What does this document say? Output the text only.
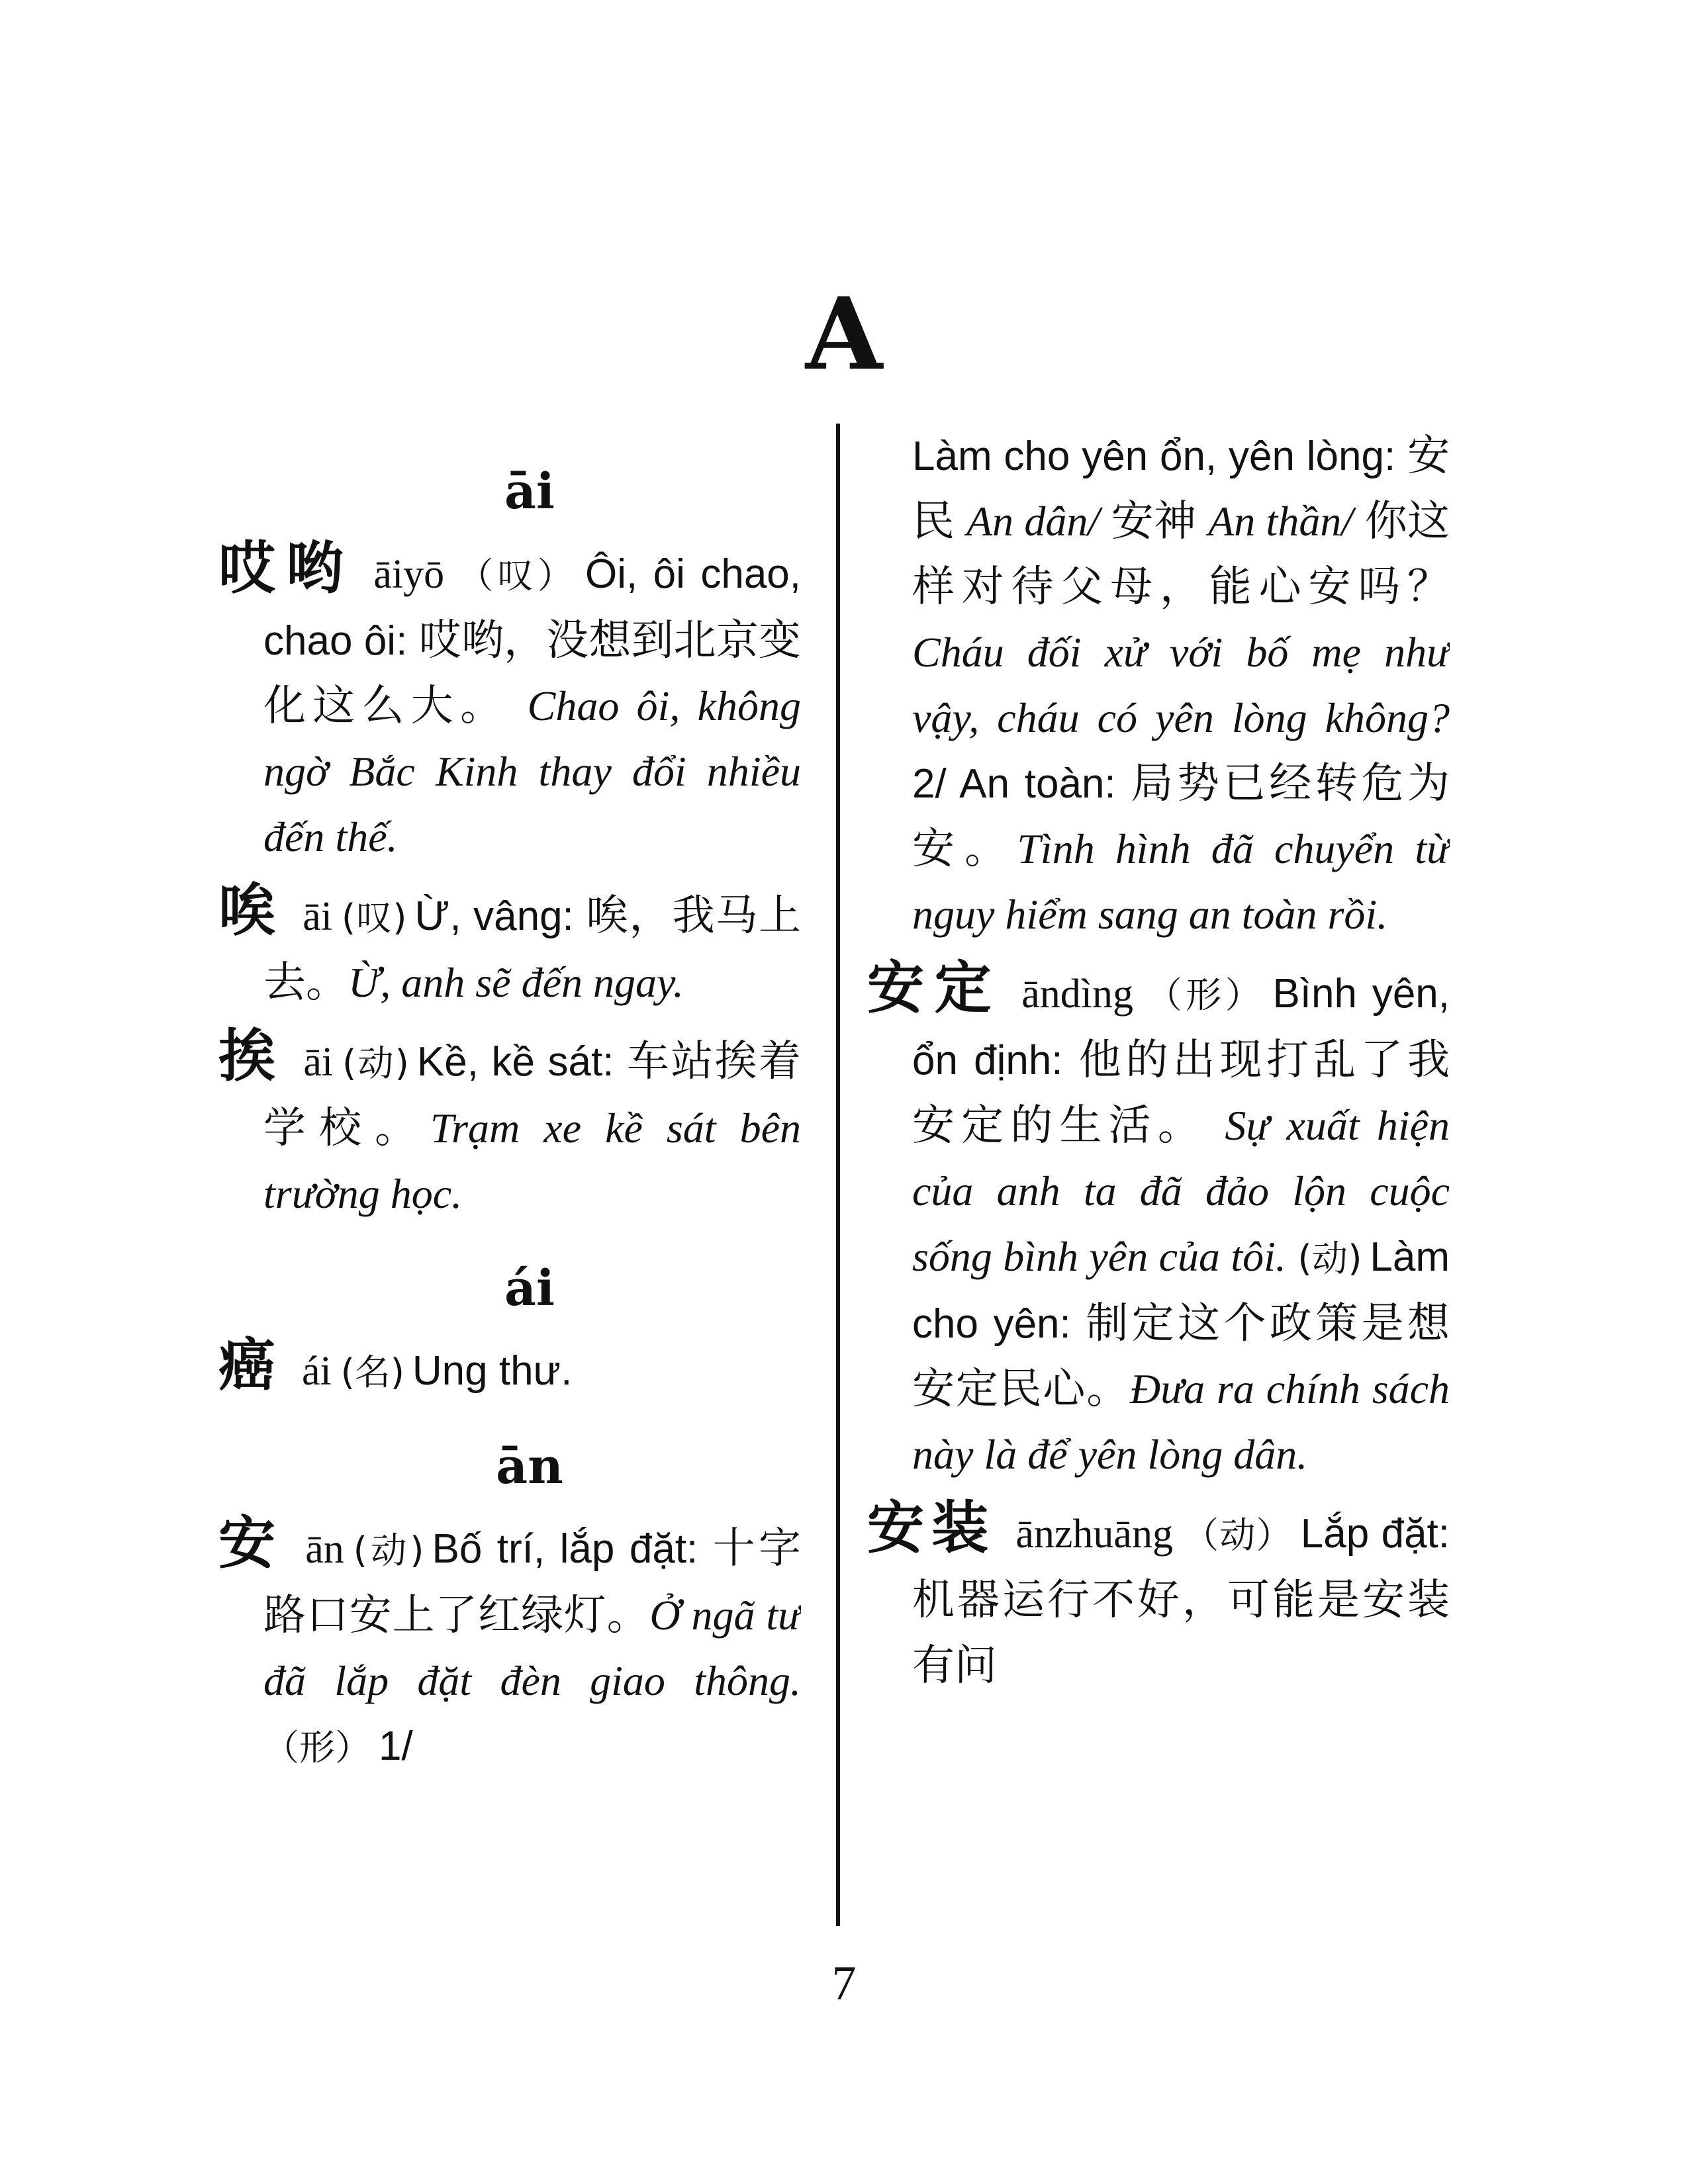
A
āi

哎哟 āiyō （叹） Ôi, ôi chao, chao ôi: 哎哟，没想到北京变化这么大。 Chao ôi, không ngờ Bắc Kinh thay đổi nhiều đến thế.

唉 āi (叹) Ừ, vâng: 唉，我马上去。Ừ, anh sẽ đến ngay.

挨 āi (动) Kề, kề sát: 车站挨着学校。Trạm xe kề sát bên trường học.

ái

癌 ái (名) Ung thư.

ān

安 ān (动) Bố trí, lắp đặt: 十字路口安上了红绿灯。Ở ngã tư đã lắp đặt đèn giao thông. （形） 1/

Làm cho yên ổn, yên lòng: 安民 An dân/ 安神 An thần/ 你这样对待父母，能心安吗？ Cháu đối xử với bố mẹ như vậy, cháu có yên lòng không? 2/ An toàn: 局势已经转危为安。Tình hình đã chuyển từ nguy hiểm sang an toàn rồi.

安定 āndìng （形） Bình yên, ổn định: 他的出现打乱了我安定的生活。 Sự xuất hiện của anh ta đã đảo lộn cuộc sống bình yên của tôi. (动) Làm cho yên: 制定这个政策是想安定民心。Đưa ra chính sách này là để yên lòng dân.

安装 ānzhuāng （动） Lắp đặt: 机器运行不好，可能是安装有问

7
